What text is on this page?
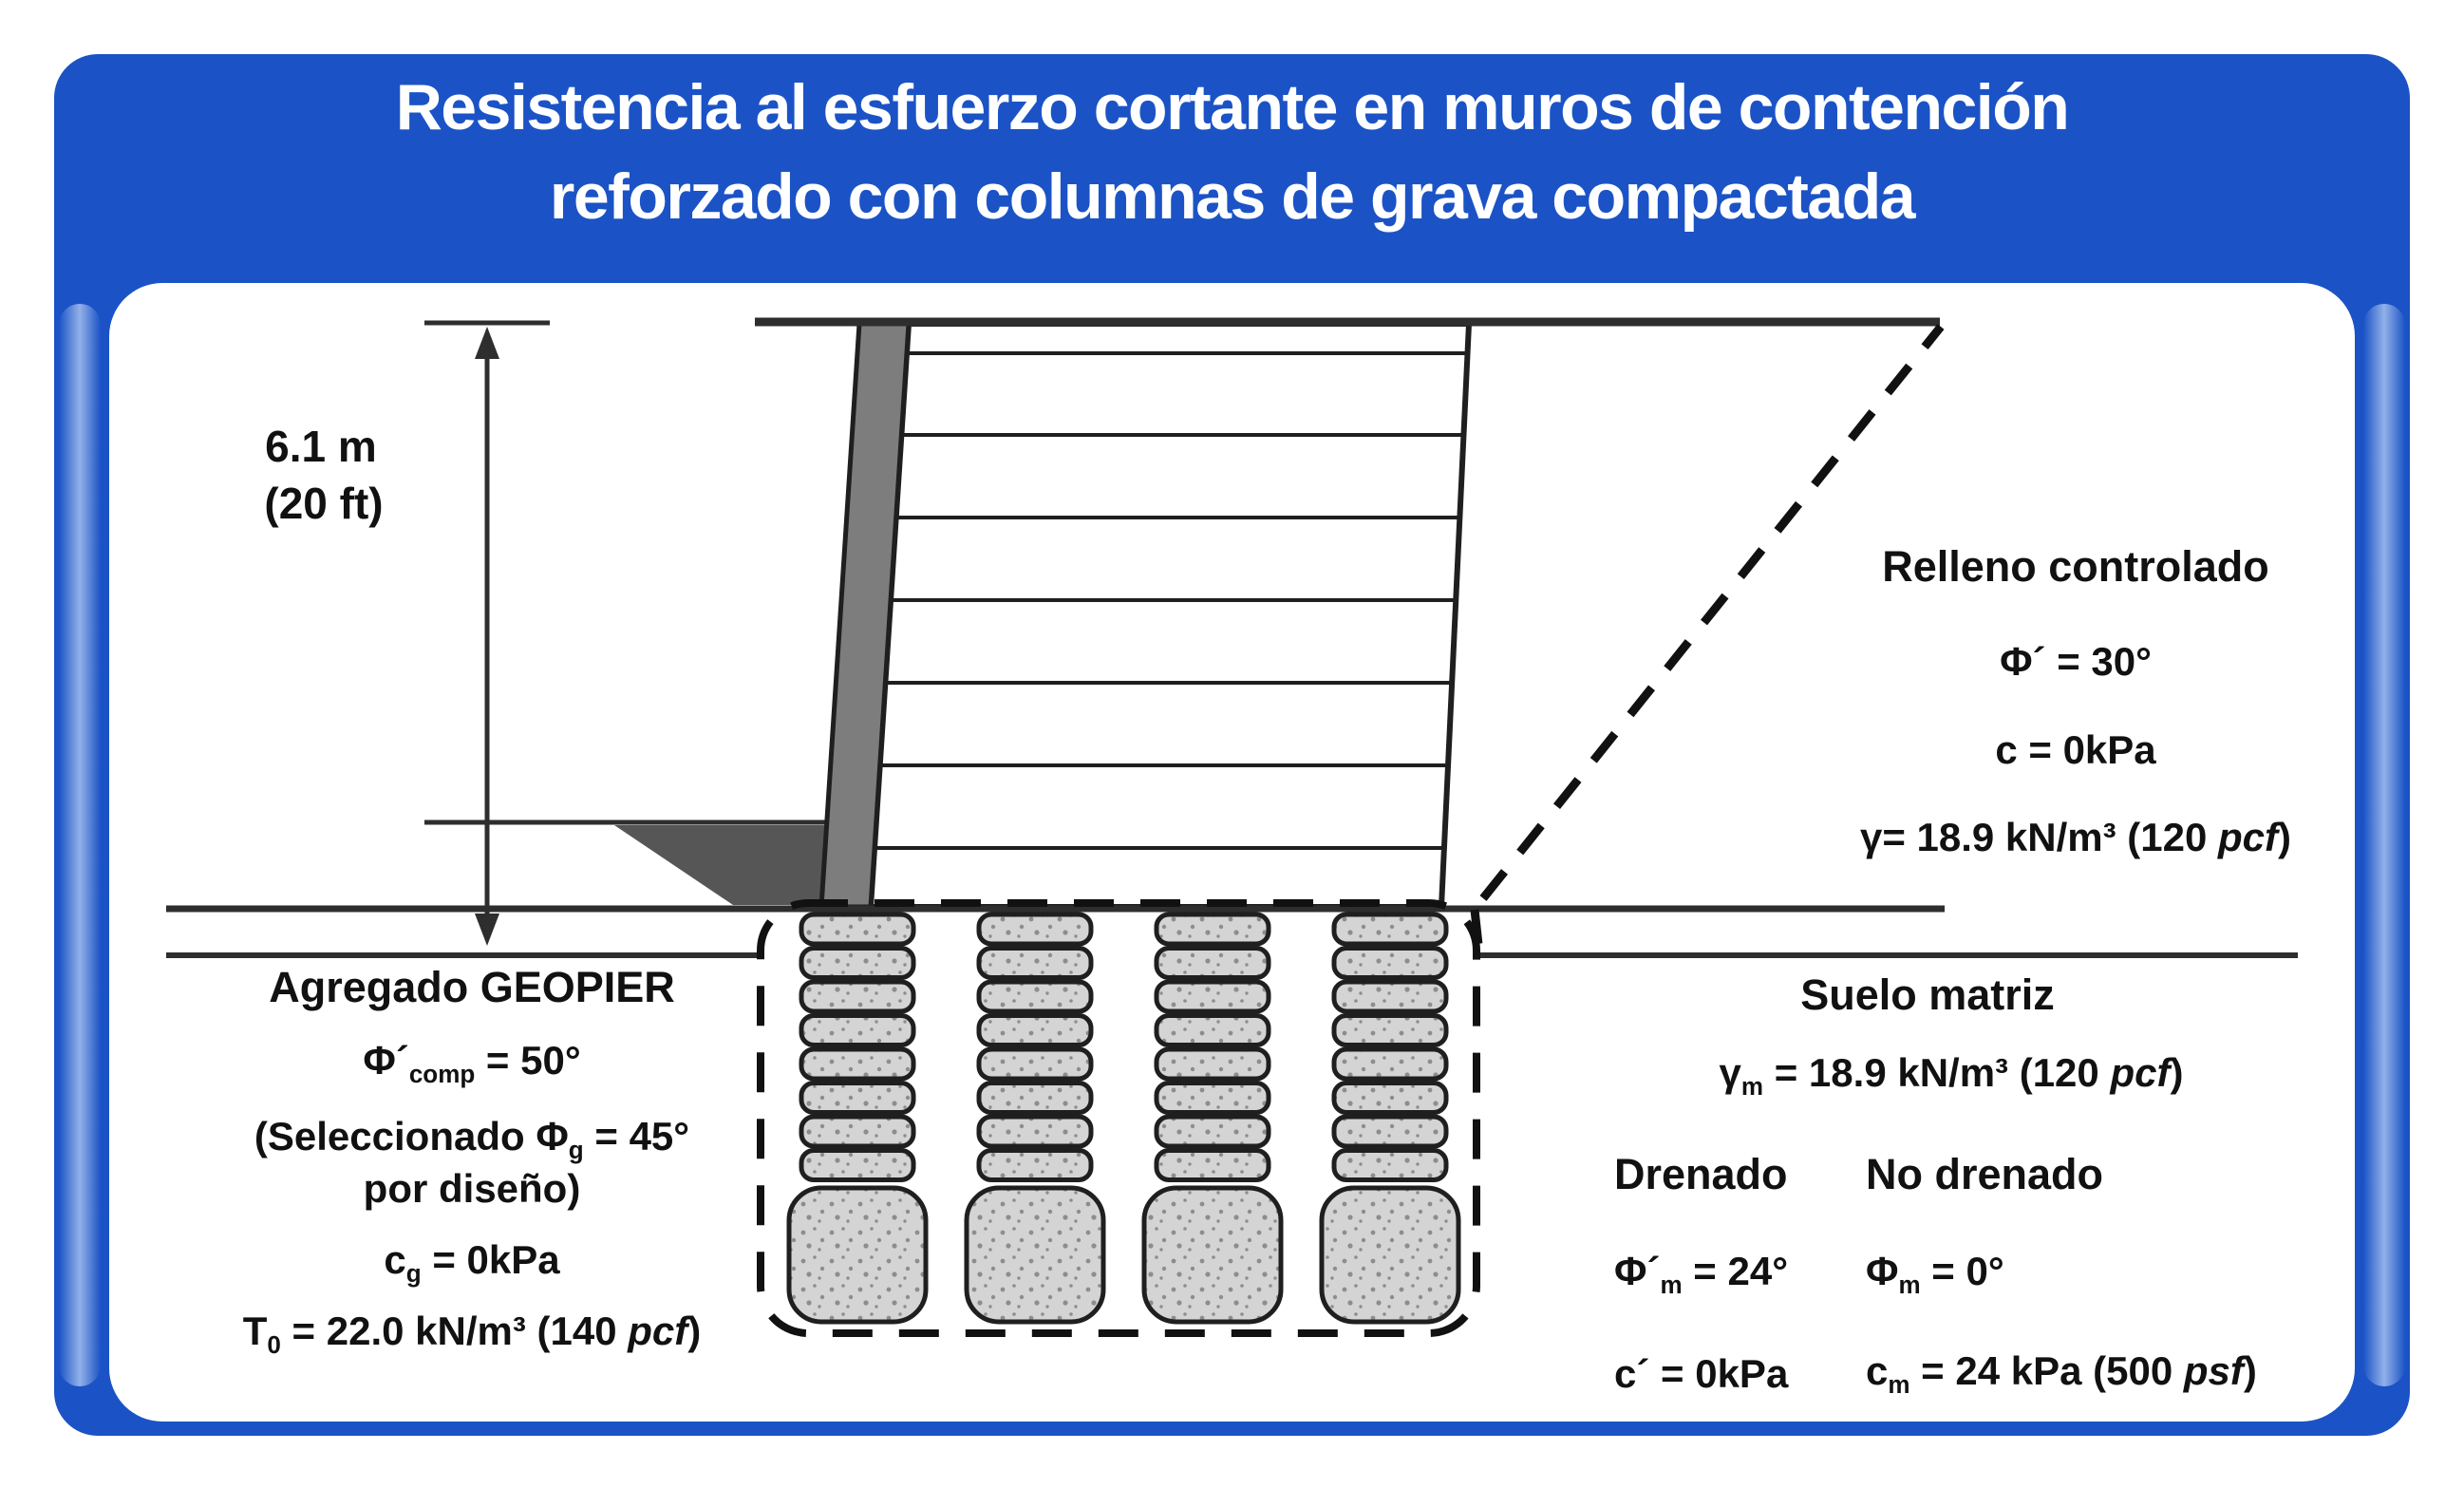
Resistencia al esfuerzo cortante en muros de contención
reforzado con columnas de grava compactada
6.1 m
(20 ft)
Agregado GEOPIER
$\Phi´_{comp} = 50^\circ$
(Seleccionado $\Phi_g = 45^\circ$
por diseño)
$c_g = 0kPa$
$T_0 = 22.0$ kN/m³ (140 pcf)
Relleno controlado
Φ´ = 30°
c = 0kPa
γ= 18.9 kN/m³ (120 pcf)
Suelo matriz
$\gamma_m = 18.9$ kN/m³ (120 pcf)
Drenado No drenado
$\Phi´_m = 24^\circ$ $\Phi_m = 0^\circ$
c´ = 0kPa $c_m = 24$ kPa (500 psf)
